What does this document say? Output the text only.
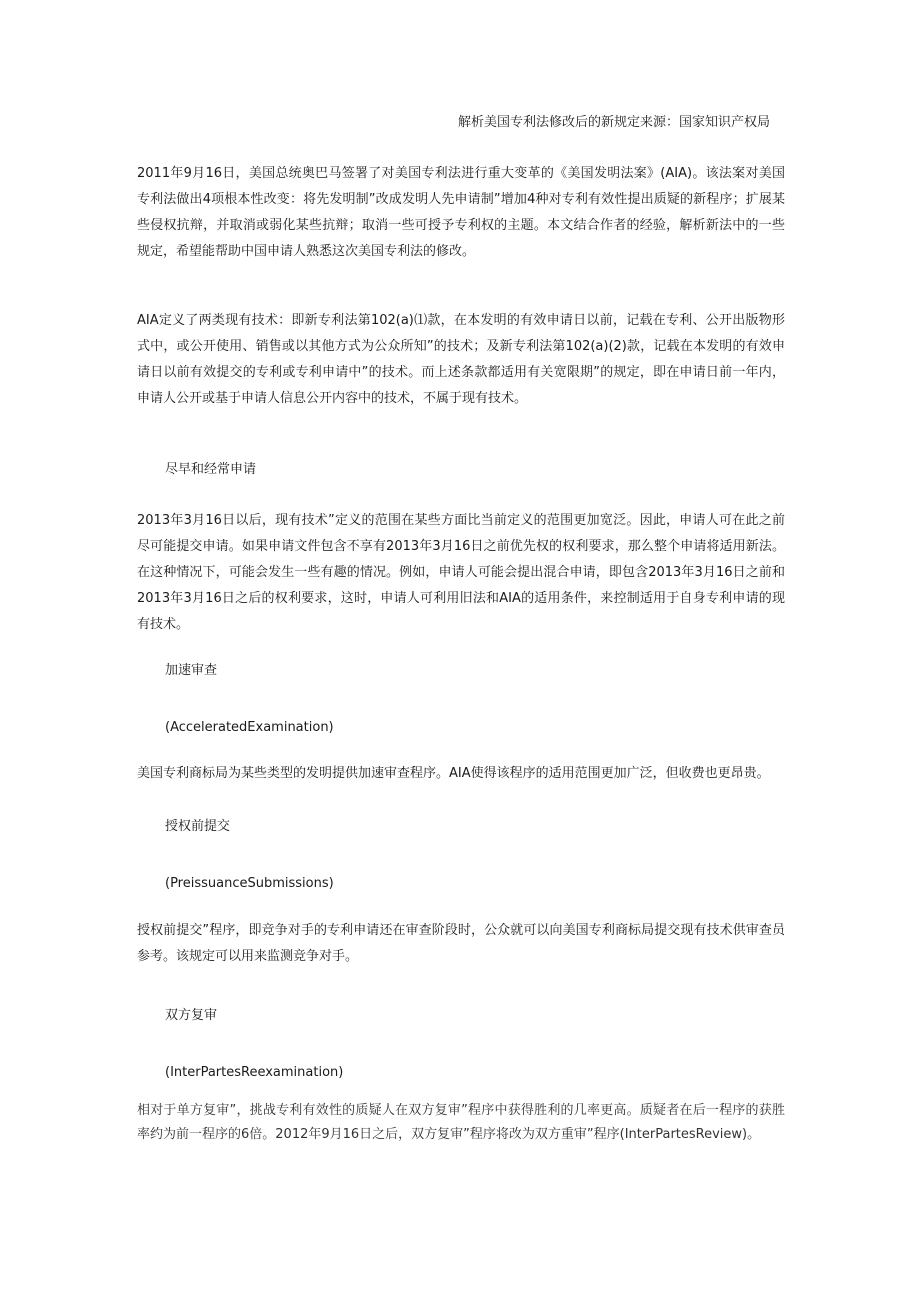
解析美国专利法修改后的新规定来源：国家知识产权局

2011年9月16日，美国总统奥巴马签署了对美国专利法进行重大变革的《美国发明法案》(AIA)。该法案对美国专利法做出4项根本性改变：将先发明制”改成发明人先申请制”增加4种对专利有效性提出质疑的新程序；扩展某些侵权抗辩，并取消或弱化某些抗辩；取消一些可授予专利权的主题。本文结合作者的经验，解析新法中的一些规定，希望能帮助中国申请人熟悉这次美国专利法的修改。

AIA定义了两类现有技术：即新专利法第102(a)⑴款，在本发明的有效申请日以前，记载在专利、公开出版物形式中，或公开使用、销售或以其他方式为公众所知”的技术；及新专利法第102(a)(2)款，记载在本发明的有效申请日以前有效提交的专利或专利申请中”的技术。而上述条款都适用有关宽限期”的规定，即在申请日前一年内，申请人公开或基于申请人信息公开内容中的技术，不属于现有技术。

尽早和经常申请

2013年3月16日以后，现有技术”定义的范围在某些方面比当前定义的范围更加宽泛。因此，申请人可在此之前尽可能提交申请。如果申请文件包含不享有2013年3月16日之前优先权的权利要求，那么整个申请将适用新法。在这种情况下，可能会发生一些有趣的情况。例如，申请人可能会提出混合申请，即包含2013年3月16日之前和2013年3月16日之后的权利要求，这时，申请人可利用旧法和AIA的适用条件，来控制适用于自身专利申请的现有技术。

加速审查

(AcceleratedExamination)

美国专利商标局为某些类型的发明提供加速审查程序。AIA使得该程序的适用范围更加广泛，但收费也更昂贵。

授权前提交

(PreissuanceSubmissions)

授权前提交”程序，即竞争对手的专利申请还在审查阶段时，公众就可以向美国专利商标局提交现有技术供审查员参考。该规定可以用来监测竞争对手。

双方复审

(InterPartesReexamination)

相对于单方复审”，挑战专利有效性的质疑人在双方复审”程序中获得胜利的几率更高。质疑者在后一程序的获胜率约为前一程序的6倍。2012年9月16日之后，双方复审”程序将改为双方重审”程序(InterPartesReview)。
